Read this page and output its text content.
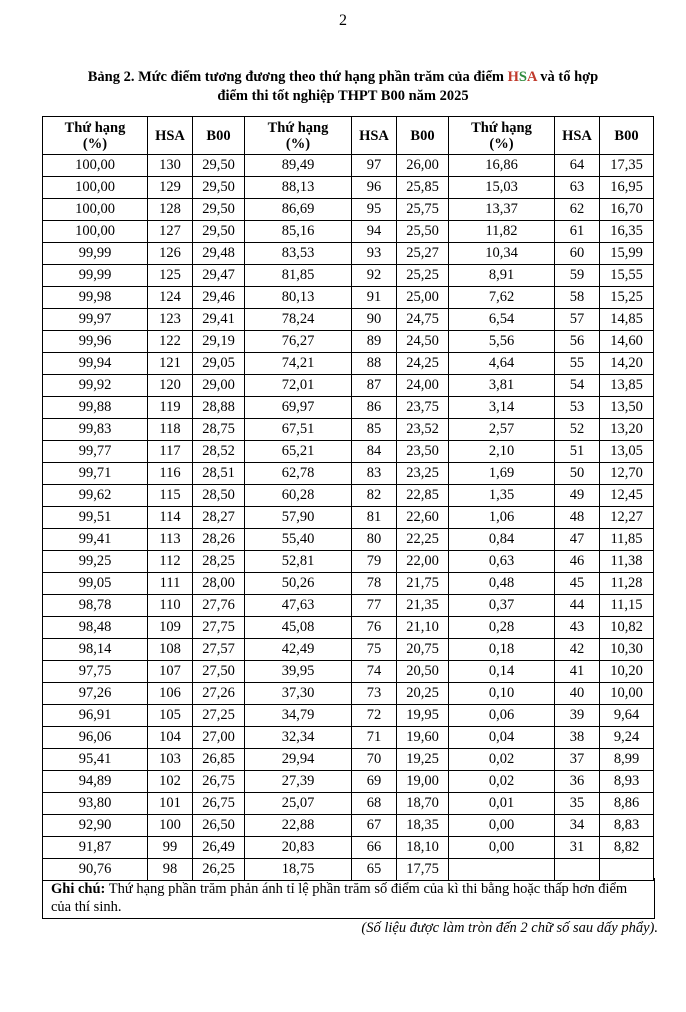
2
Bảng 2. Mức điểm tương đương theo thứ hạng phần trăm của điểm HSA và tổ hợp
điểm thi tốt nghiệp THPT B00 năm 2025
Thứ hạng
(%)	HSA	B00	Thứ hạng
(%)	HSA	B00	Thứ hạng
(%)	HSA	B00
100,00	130	29,50	89,49	97	26,00	16,86	64	17,35
100,00	129	29,50	88,13	96	25,85	15,03	63	16,95
100,00	128	29,50	86,69	95	25,75	13,37	62	16,70
100,00	127	29,50	85,16	94	25,50	11,82	61	16,35
99,99	126	29,48	83,53	93	25,27	10,34	60	15,99
99,99	125	29,47	81,85	92	25,25	8,91	59	15,55
99,98	124	29,46	80,13	91	25,00	7,62	58	15,25
99,97	123	29,41	78,24	90	24,75	6,54	57	14,85
99,96	122	29,19	76,27	89	24,50	5,56	56	14,60
99,94	121	29,05	74,21	88	24,25	4,64	55	14,20
99,92	120	29,00	72,01	87	24,00	3,81	54	13,85
99,88	119	28,88	69,97	86	23,75	3,14	53	13,50
99,83	118	28,75	67,51	85	23,52	2,57	52	13,20
99,77	117	28,52	65,21	84	23,50	2,10	51	13,05
99,71	116	28,51	62,78	83	23,25	1,69	50	12,70
99,62	115	28,50	60,28	82	22,85	1,35	49	12,45
99,51	114	28,27	57,90	81	22,60	1,06	48	12,27
99,41	113	28,26	55,40	80	22,25	0,84	47	11,85
99,25	112	28,25	52,81	79	22,00	0,63	46	11,38
99,05	111	28,00	50,26	78	21,75	0,48	45	11,28
98,78	110	27,76	47,63	77	21,35	0,37	44	11,15
98,48	109	27,75	45,08	76	21,10	0,28	43	10,82
98,14	108	27,57	42,49	75	20,75	0,18	42	10,30
97,75	107	27,50	39,95	74	20,50	0,14	41	10,20
97,26	106	27,26	37,30	73	20,25	0,10	40	10,00
96,91	105	27,25	34,79	72	19,95	0,06	39	9,64
96,06	104	27,00	32,34	71	19,60	0,04	38	9,24
95,41	103	26,85	29,94	70	19,25	0,02	37	8,99
94,89	102	26,75	27,39	69	19,00	0,02	36	8,93
93,80	101	26,75	25,07	68	18,70	0,01	35	8,86
92,90	100	26,50	22,88	67	18,35	0,00	34	8,83
91,87	99	26,49	20,83	66	18,10	0,00	31	8,82
90,76	98	26,25	18,75	65	17,75			
Ghi chú: Thứ hạng phần trăm phản ánh tỉ lệ phần trăm số điểm của kì thi bằng hoặc thấp hơn điểm của thí sinh.
(Số liệu được làm tròn đến 2 chữ số sau dấy phẩy).
